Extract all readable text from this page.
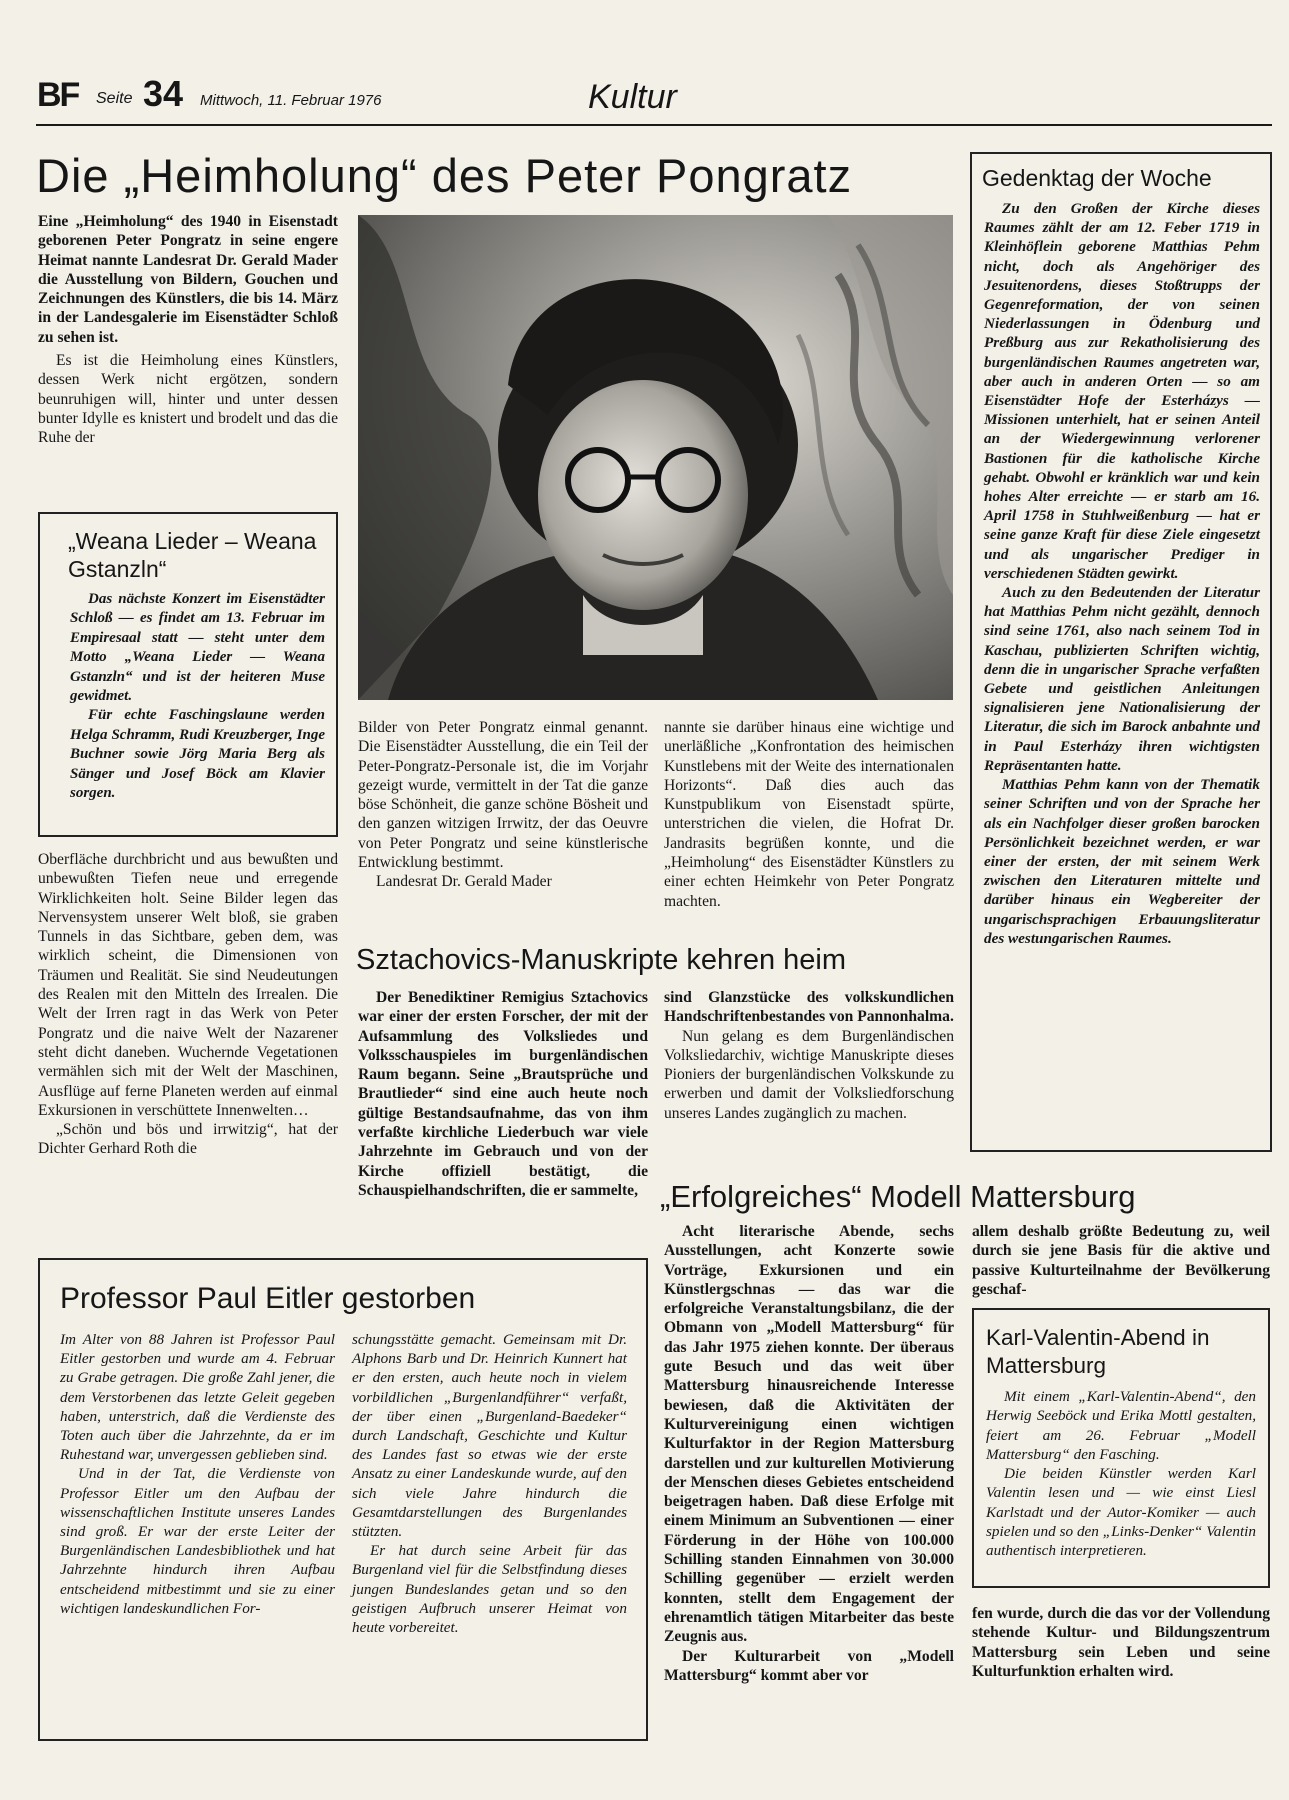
BF Seite 34 Mittwoch, 11. Februar 1976	Kultur
Die „Heimholung“ des Peter Pongratz

Eine „Heimholung“ des 1940 in Eisenstadt geborenen Peter Pongratz in seine engere Heimat nannte Landesrat Dr. Gerald Mader die Ausstellung von Bildern, Gouchen und Zeichnungen des Künstlers, die bis 14. März in der Landesgalerie im Eisenstädter Schloß zu sehen ist.

Es ist die Heimholung eines Künstlers, dessen Werk nicht ergötzen, sondern beunruhigen will, hinter und unter dessen bunter Idylle es knistert und brodelt und das die Ruhe der

Bilder von Peter Pongratz einmal genannt. Die Eisenstädter Ausstellung, die ein Teil der Peter-Pongratz-Personale ist, die im Vorjahr gezeigt wurde, vermittelt in der Tat die ganze böse Schönheit, die ganze schöne Bösheit und den ganzen witzigen Irrwitz, der das Oeuvre von Peter Pongratz und seine künstlerische Entwicklung bestimmt.

Landesrat Dr. Gerald Mader

nannte sie darüber hinaus eine wichtige und unerläßliche „Konfrontation des heimischen Kunstlebens mit der Weite des internationalen Horizonts“. Daß dies auch das Kunstpublikum von Eisenstadt spürte, unterstrichen die vielen, die Hofrat Dr. Jandrasits begrüßen konnte, und die „Heimholung“ des Eisenstädter Künstlers zu einer echten Heimkehr von Peter Pongratz machten.

„Weana Lieder – Weana Gstanzln“

Das nächste Konzert im Eisenstädter Schloß — es findet am 13. Februar im Empiresaal statt — steht unter dem Motto „Weana Lieder — Weana Gstanzln“ und ist der heiteren Muse gewidmet.

Für echte Faschingslaune werden Helga Schramm, Rudi Kreuzberger, Inge Buchner sowie Jörg Maria Berg als Sänger und Josef Böck am Klavier sorgen.

Oberfläche durchbricht und aus bewußten und unbewußten Tiefen neue und erregende Wirklichkeiten holt. Seine Bilder legen das Nervensystem unserer Welt bloß, sie graben Tunnels in das Sichtbare, geben dem, was wirklich scheint, die Dimensionen von Träumen und Realität. Sie sind Neudeutungen des Realen mit den Mitteln des Irrealen. Die Welt der Irren ragt in das Werk von Peter Pongratz und die naive Welt der Nazarener steht dicht daneben. Wuchernde Vegetationen vermählen sich mit der Welt der Maschinen, Ausflüge auf ferne Planeten werden auf einmal Exkursionen in verschüttete Innenwelten…

„Schön und bös und irrwitzig“, hat der Dichter Gerhard Roth die

Gedenktag der Woche

Zu den Großen der Kirche dieses Raumes zählt der am 12. Feber 1719 in Kleinhöflein geborene Matthias Pehm nicht, doch als Angehöriger des Jesuitenordens, dieses Stoßtrupps der Gegenreformation, der von seinen Niederlassungen in Ödenburg und Preßburg aus zur Rekatholisierung des burgenländischen Raumes angetreten war, aber auch in anderen Orten — so am Eisenstädter Hofe der Esterházys — Missionen unterhielt, hat er seinen Anteil an der Wiedergewinnung verlorener Bastionen für die katholische Kirche gehabt. Obwohl er kränklich war und kein hohes Alter erreichte — er starb am 16. April 1758 in Stuhlweißenburg — hat er seine ganze Kraft für diese Ziele eingesetzt und als ungarischer Prediger in verschiedenen Städten gewirkt.

Auch zu den Bedeutenden der Literatur hat Matthias Pehm nicht gezählt, dennoch sind seine 1761, also nach seinem Tod in Kaschau, publizierten Schriften wichtig, denn die in ungarischer Sprache verfaßten Gebete und geistlichen Anleitungen signalisieren jene Nationalisierung der Literatur, die sich im Barock anbahnte und in Paul Esterházy ihren wichtigsten Repräsentanten hatte.

Matthias Pehm kann von der Thematik seiner Schriften und von der Sprache her als ein Nachfolger dieser großen barocken Persönlichkeit bezeichnet werden, er war einer der ersten, der mit seinem Werk zwischen den Literaturen mittelte und darüber hinaus ein Wegbereiter der ungarischsprachigen Erbauungsliteratur des westungarischen Raumes.

Sztachovics-Manuskripte kehren heim

Der Benediktiner Remigius Sztachovics war einer der ersten Forscher, der mit der Aufsammlung des Volksliedes und Volksschauspieles im burgenländischen Raum begann. Seine „Brautsprüche und Brautlieder“ sind eine auch heute noch gültige Bestandsaufnahme, das von ihm verfaßte kirchliche Liederbuch war viele Jahrzehnte im Gebrauch und von der Kirche offiziell bestätigt, die Schauspielhandschriften, die er sammelte,

sind Glanzstücke des volkskundlichen Handschriftenbestandes von Pannonhalma.

Nun gelang es dem Burgenländischen Volksliedarchiv, wichtige Manuskripte dieses Pioniers der burgenländischen Volkskunde zu erwerben und damit der Volksliedforschung unseres Landes zugänglich zu machen.

Professor Paul Eitler gestorben

Im Alter von 88 Jahren ist Professor Paul Eitler gestorben und wurde am 4. Februar zu Grabe getragen. Die große Zahl jener, die dem Verstorbenen das letzte Geleit gegeben haben, unterstrich, daß die Verdienste des Toten auch über die Jahrzehnte, da er im Ruhestand war, unvergessen geblieben sind.

Und in der Tat, die Verdienste von Professor Eitler um den Aufbau der wissenschaftlichen Institute unseres Landes sind groß. Er war der erste Leiter der Burgenländischen Landesbibliothek und hat Jahrzehnte hindurch ihren Aufbau entscheidend mitbestimmt und sie zu einer wichtigen landeskundlichen For-

schungsstätte gemacht. Gemeinsam mit Dr. Alphons Barb und Dr. Heinrich Kunnert hat er den ersten, auch heute noch in vielem vorbildlichen „Burgenlandführer“ verfaßt, der über einen „Burgenland-Baedeker“ durch Landschaft, Geschichte und Kultur des Landes fast so etwas wie der erste Ansatz zu einer Landeskunde wurde, auf den sich viele Jahre hindurch die Gesamtdarstellungen des Burgenlandes stützten.

Er hat durch seine Arbeit für das Burgenland viel für die Selbstfindung dieses jungen Bundeslandes getan und so den geistigen Aufbruch unserer Heimat von heute vorbereitet.

„Erfolgreiches“ Modell Mattersburg

Acht literarische Abende, sechs Ausstellungen, acht Konzerte sowie Vorträge, Exkursionen und ein Künstlergschnas — das war die erfolgreiche Veranstaltungsbilanz, die der Obmann von „Modell Mattersburg“ für das Jahr 1975 ziehen konnte. Der überaus gute Besuch und das weit über Mattersburg hinausreichende Interesse bewiesen, daß die Aktivitäten der Kulturvereinigung einen wichtigen Kulturfaktor in der Region Mattersburg darstellen und zur kulturellen Motivierung der Menschen dieses Gebietes entscheidend beigetragen haben. Daß diese Erfolge mit einem Minimum an Subventionen — einer Förderung in der Höhe von 100.000 Schilling standen Einnahmen von 30.000 Schilling gegenüber — erzielt werden konnten, stellt dem Engagement der ehrenamtlich tätigen Mitarbeiter das beste Zeugnis aus.

Der Kulturarbeit von „Modell Mattersburg“ kommt aber vor

allem deshalb größte Bedeutung zu, weil durch sie jene Basis für die aktive und passive Kulturteilnahme der Bevölkerung geschaf-

Karl-Valentin-Abend in Mattersburg

Mit einem „Karl-Valentin-Abend“, den Herwig Seeböck und Erika Mottl gestalten, feiert am 26. Februar „Modell Mattersburg“ den Fasching.

Die beiden Künstler werden Karl Valentin lesen und — wie einst Liesl Karlstadt und der Autor-Komiker — auch spielen und so den „Links-Denker“ Valentin authentisch interpretieren.

fen wurde, durch die das vor der Vollendung stehende Kultur- und Bildungszentrum Mattersburg sein Leben und seine Kulturfunktion erhalten wird.
